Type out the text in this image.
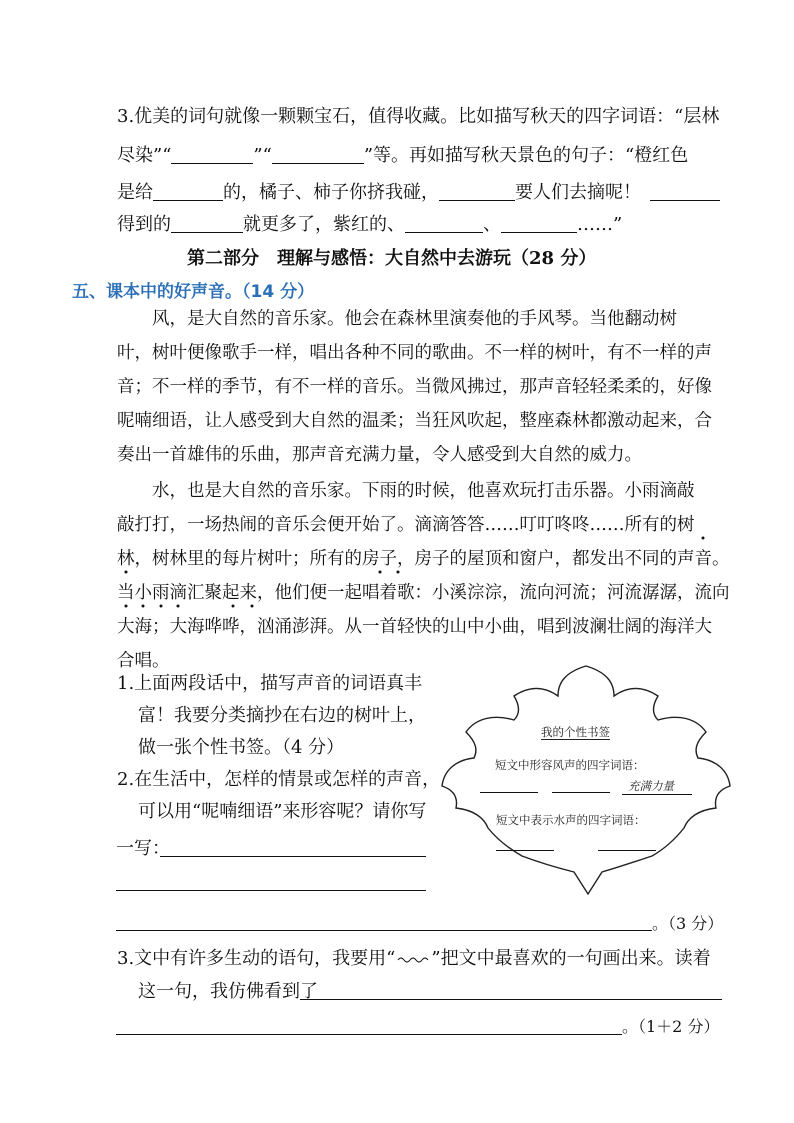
3.优美的词句就像一颗颗宝石，值得收藏。比如描写秋天的四字词语：“层林
尽染”“	”“	”等。再如描写秋天景色的句子：“橙红色
是给	的，橘子、柿子你挤我碰，	要人们去摘呢！
得到的	就更多了，紫红的、	、	……”
第二部分　理解与感悟：大自然中去游玩（28 分）
五、课本中的好声音。（14 分）
风，是大自然的音乐家。他会在森林里演奏他的手风琴。当他翻动树
叶，树叶便像歌手一样，唱出各种不同的歌曲。不一样的树叶，有不一样的声
音；不一样的季节，有不一样的音乐。当微风拂过，那声音轻轻柔柔的，好像
呢喃细语，让人感受到大自然的温柔；当狂风吹起，整座森林都激动起来，合
奏出一首雄伟的乐曲，那声音充满力量，令人感受到大自然的威力。
水，也是大自然的音乐家。下雨的时候，他喜欢玩打击乐器。小雨滴敲
敲打打，一场热闹的音乐会便开始了。滴滴答答……叮叮咚咚……所有的树
林，树林里的每片树叶；所有的房子，房子的屋顶和窗户，都发出不同的声音。
当小雨滴汇聚起来，他们便一起唱着歌：小溪淙淙，流向河流；河流潺潺，流向
大海；大海哗哗，汹涌澎湃。从一首轻快的山中小曲，唱到波澜壮阔的海洋大
合唱。
1.上面两段话中，描写声音的词语真丰
富！我要分类摘抄在右边的树叶上，
做一张个性书签。（4 分）
2.在生活中，怎样的情景或怎样的声音，
可以用“呢喃细语”来形容呢？请你写
一写：
。（3 分）
我的个性书签
短文中形容风声的四字词语：
充满力量
短文中表示水声的四字词语：
3.文中有许多生动的语句，我要用“ ”把文中最喜欢的一句画出来。读着
这一句，我仿佛看到了
。（1＋2 分）
